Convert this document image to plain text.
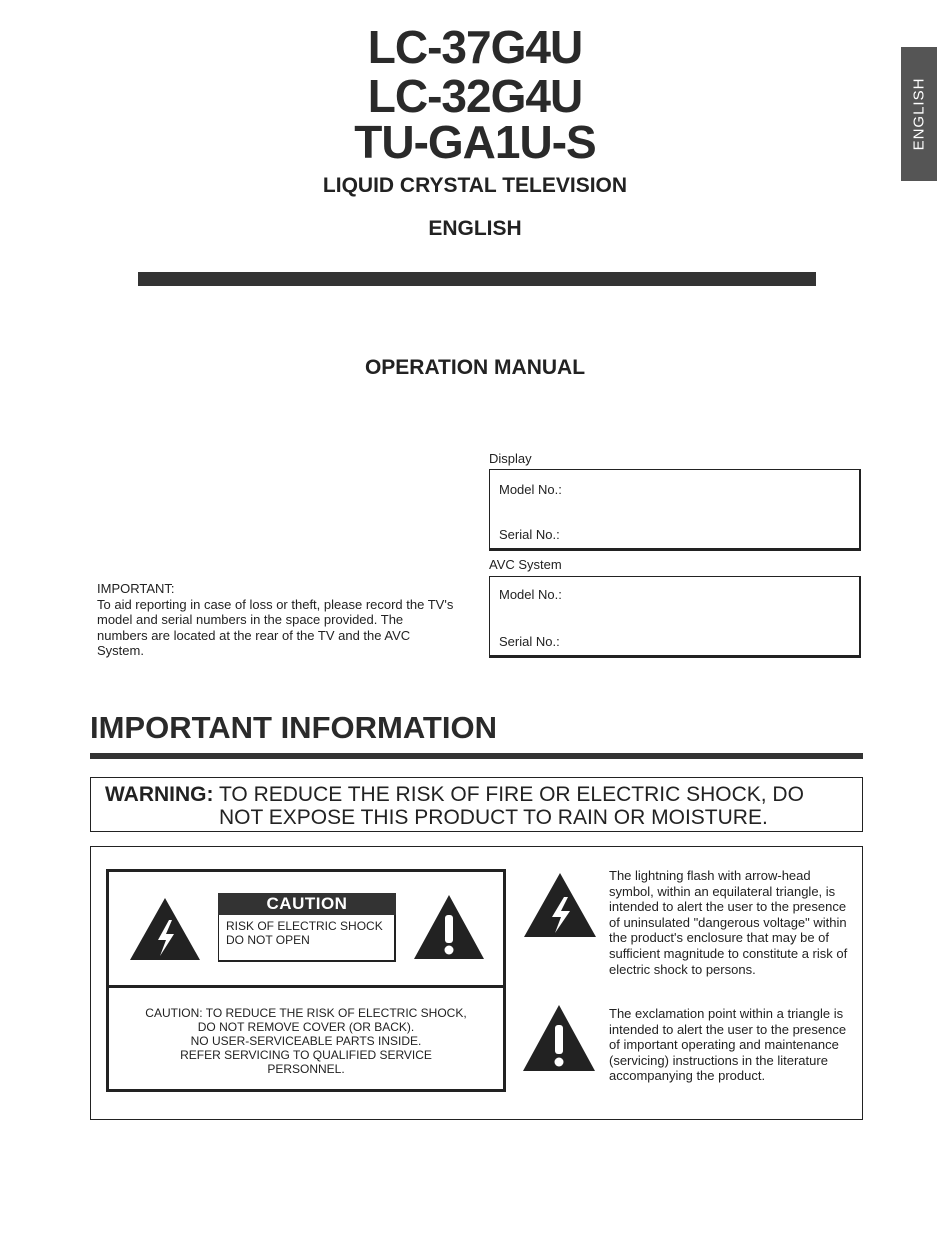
LC-37G4U
LC-32G4U
TU-GA1U-S
LIQUID CRYSTAL TELEVISION
ENGLISH
ENGLISH
OPERATION MANUAL
Display
Model No.:
Serial No.:
AVC System
Model No.:
Serial No.:
IMPORTANT:
To aid reporting in case of loss or theft, please record the TV's model and serial numbers in the space provided. The numbers are located at the rear of the TV and the AVC System.
IMPORTANT INFORMATION
WARNING: TO REDUCE THE RISK OF FIRE OR ELECTRIC SHOCK, DO
NOT EXPOSE THIS PRODUCT TO RAIN OR MOISTURE.
CAUTION
RISK OF ELECTRIC SHOCK
DO NOT OPEN
CAUTION: TO REDUCE THE RISK OF ELECTRIC SHOCK,
DO NOT REMOVE COVER (OR BACK).
NO USER-SERVICEABLE PARTS INSIDE.
REFER SERVICING TO QUALIFIED SERVICE
PERSONNEL.
The lightning flash with arrow-head symbol, within an equilateral triangle, is intended to alert the user to the presence of uninsulated "dangerous voltage" within the product's enclosure that may be of sufficient magnitude to constitute a risk of electric shock to persons.
The exclamation point within a triangle is intended to alert the user to the presence of important operating and maintenance (servicing) instructions in the literature accompanying the product.
